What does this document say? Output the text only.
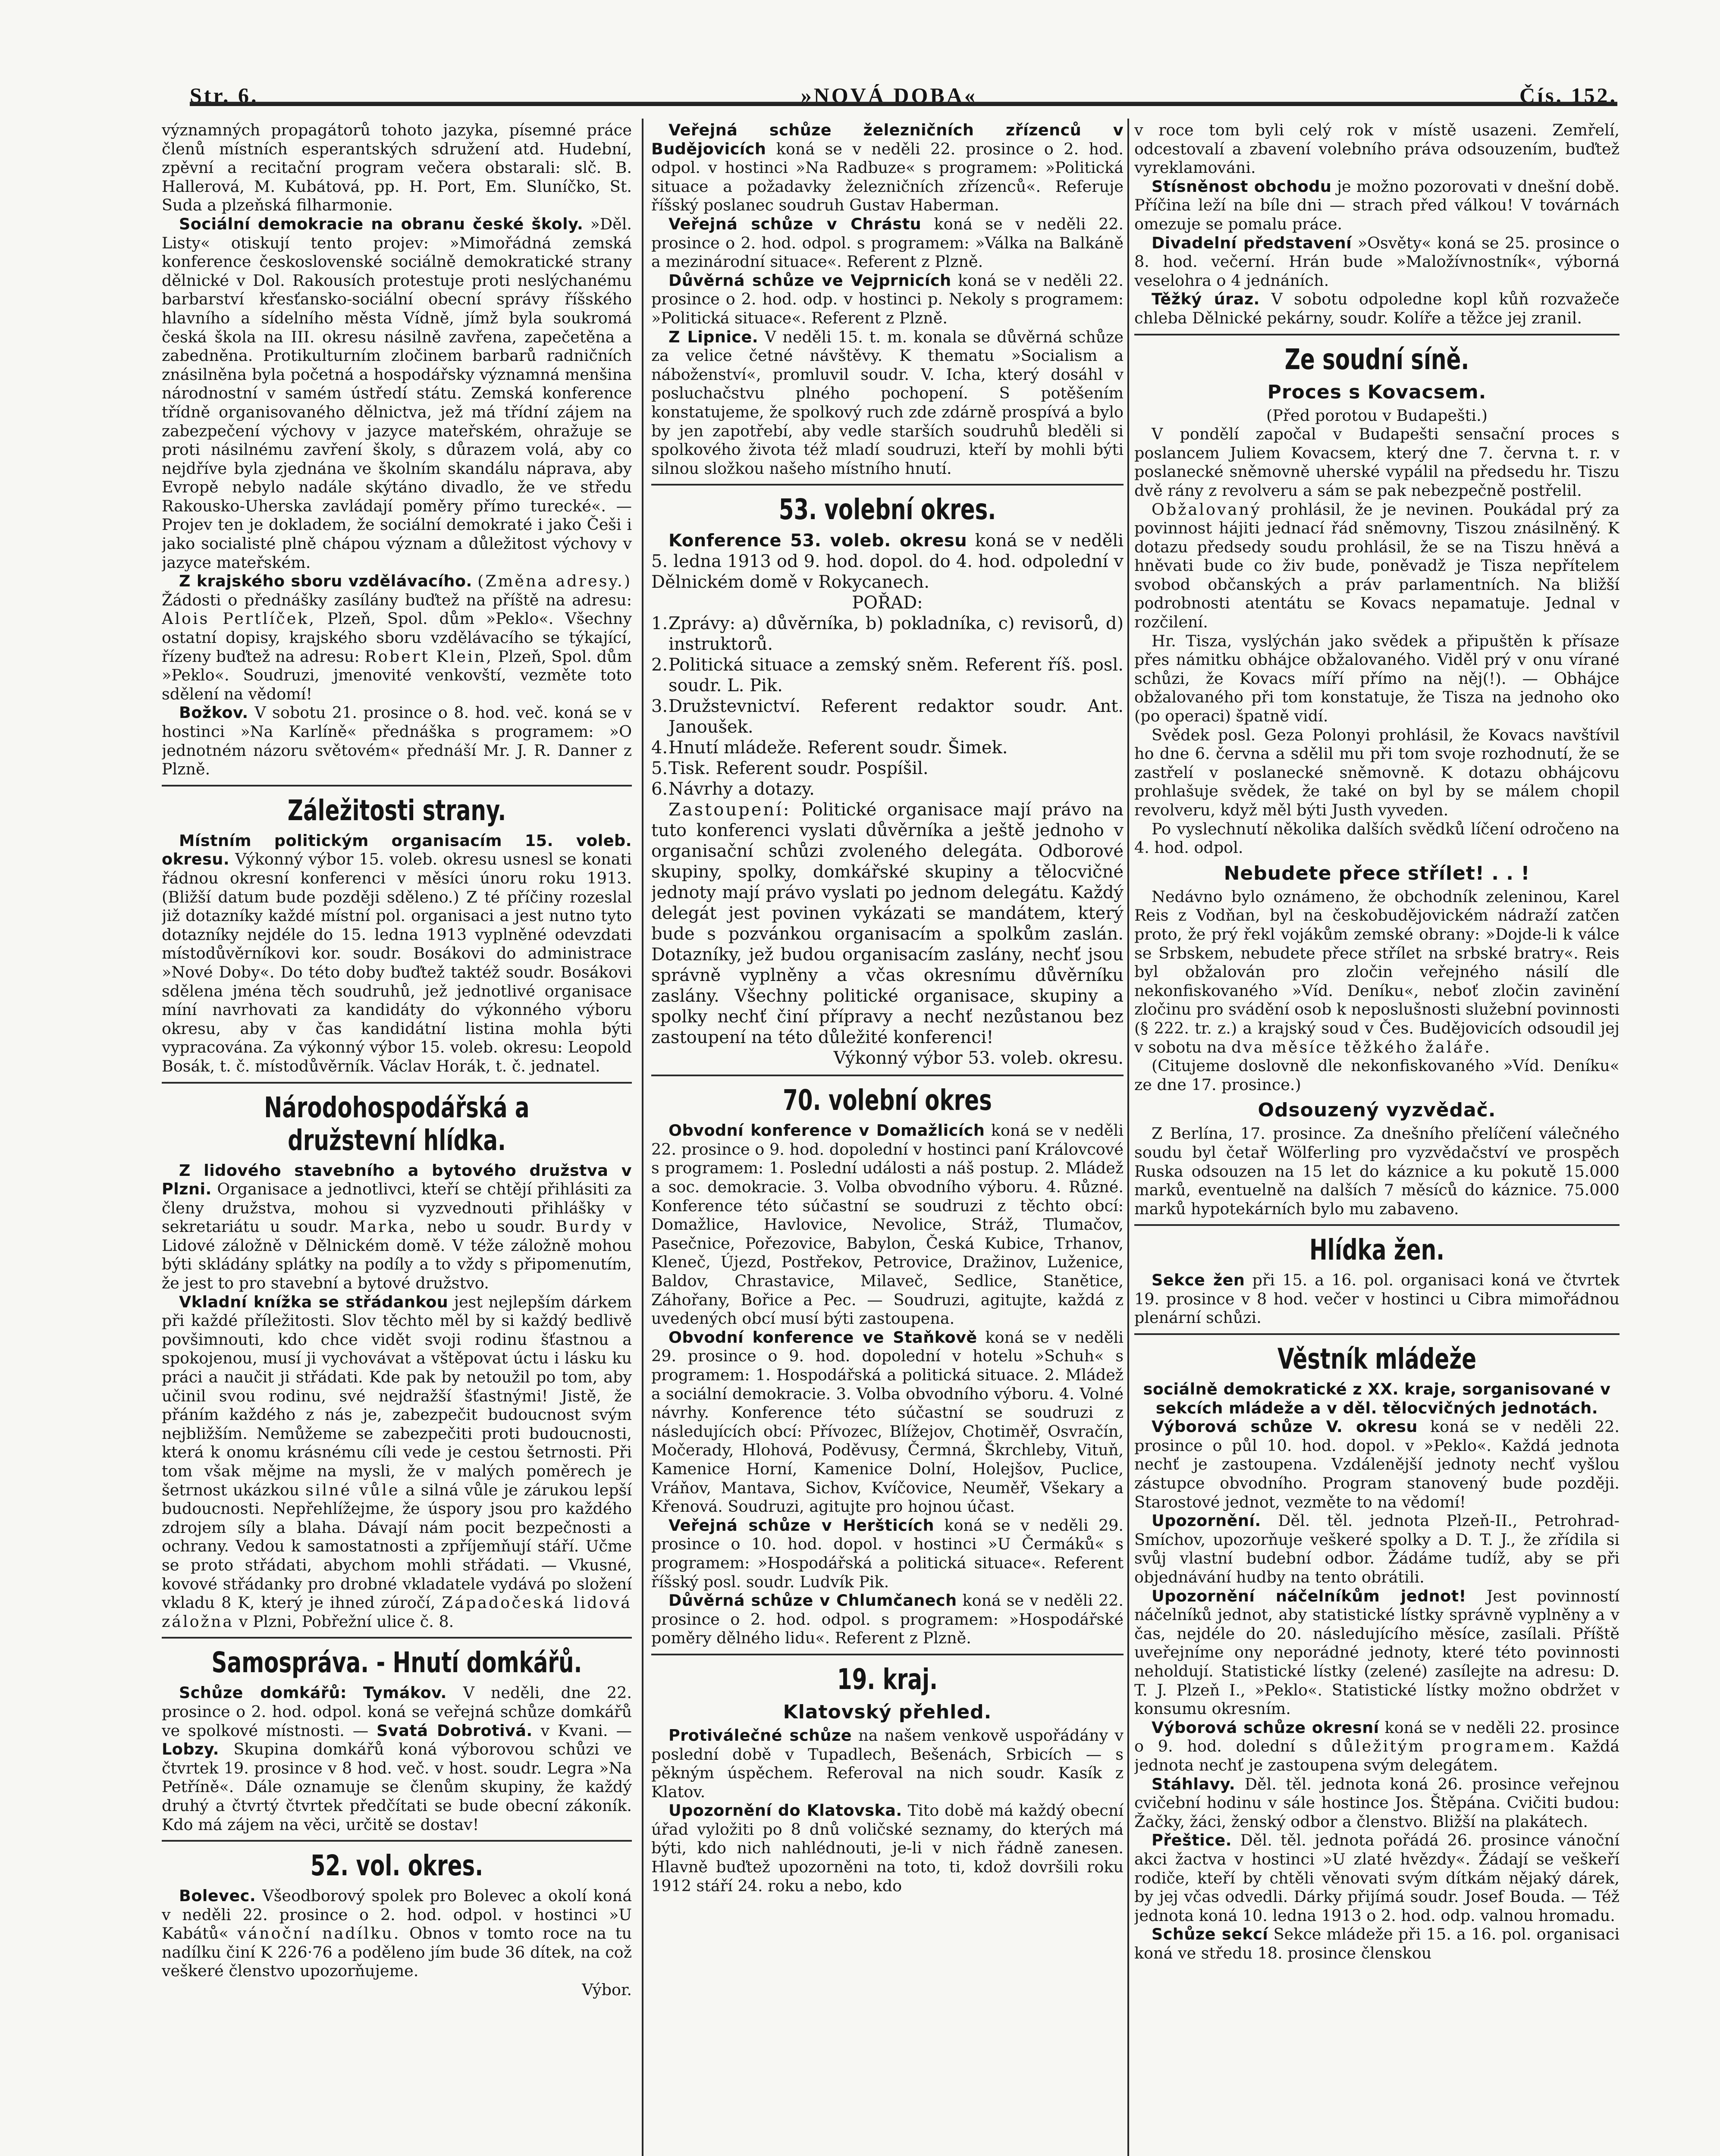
Str. 6.	»NOVÁ DOBA«	Čís. 152.

významných propagátorů tohoto jazyka, písemné práce členů místních esperantských sdružení atd. Hudební, zpěvní a recitační program večera obstarali: slč. B. Hallerová, M. Kubátová, pp. H. Port, Em. Sluníčko, St. Suda a plzeňská filharmonie.

Sociální demokracie na obranu české školy. »Děl. Listy« otiskují tento projev: »Mimořádná zemská konference československé sociálně demokratické strany dělnické v Dol. Rakousích protestuje proti neslýchanému barbarství křesťansko-sociální obecní správy říšského hlavního a sídelního města Vídně, jímž byla soukromá česká škola na III. okresu násilně zavřena, zapečetěna a zabedněna. Protikulturním zločinem barbarů radničních znásilněna byla početná a hospodářsky významná menšina národnostní v samém ústředí státu. Zemská konference třídně organisovaného dělnictva, jež má třídní zájem na zabezpečení výchovy v jazyce mateřském, ohražuje se proti násilnému zavření školy, s důrazem volá, aby co nejdříve byla zjednána ve školním skandálu náprava, aby Evropě nebylo nadále skýtáno divadlo, že ve středu Rakousko-Uherska zavládají poměry přímo turecké«. — Projev ten je dokladem, že sociální demokraté i jako Češi i jako socialisté plně chápou význam a důležitost výchovy v jazyce mateřském.

Z krajského sboru vzdělávacího. (Změna adresy.) Žádosti o přednášky zasílány buďtež na příště na adresu: Alois Pertlíček, Plzeň, Spol. dům »Peklo«. Všechny ostatní dopisy, krajského sboru vzdělávacího se týkající, řízeny buďtež na adresu: Robert Klein, Plzeň, Spol. dům »Peklo«. Soudruzi, jmenovité venkovští, vezměte toto sdělení na vědomí!

Božkov. V sobotu 21. prosince o 8. hod. več. koná se v hostinci »Na Karlíně« přednáška s programem: »O jednotném názoru světovém« přednáší Mr. J. R. Danner z Plzně.

Záležitosti strany.

Místním politickým organisacím 15. voleb. okresu. Výkonný výbor 15. voleb. okresu usnesl se konati řádnou okresní konferenci v měsíci únoru roku 1913. (Bližší datum bude později sděleno.) Z té příčiny rozeslal již dotazníky každé místní pol. organisaci a jest nutno tyto dotazníky nejdéle do 15. ledna 1913 vyplněné odevzdati místodůvěrníkovi kor. soudr. Bosákovi do administrace »Nové Doby«. Do této doby buďtež taktéž soudr. Bosákovi sdělena jména těch soudruhů, jež jednotlivé organisace míní navrhovati za kandidáty do výkonného výboru okresu, aby v čas kandidátní listina mohla býti vypracována. Za výkonný výbor 15. voleb. okresu: Leopold Bosák, t. č. místodůvěrník. Václav Horák, t. č. jednatel.

Národohospodářská a družstevní hlídka.

Z lidového stavebního a bytového družstva v Plzni. Organisace a jednotlivci, kteří se chtějí přihlásiti za členy družstva, mohou si vyzvednouti přihlášky v sekretariátu u soudr. Marka, nebo u soudr. Burdy v Lidové záložně v Dělnickém domě. V téže záložně mohou býti skládány splátky na podíly a to vždy s připomenutím, že jest to pro stavební a bytové družstvo.

Vkladní knížka se střádankou jest nejlepším dárkem při každé příležitosti. Slov těchto měl by si každý bedlivě povšimnouti, kdo chce vidět svoji rodinu šťastnou a spokojenou, musí ji vychovávat a vštěpovat úctu i lásku ku práci a naučit ji střádati. Kde pak by netoužil po tom, aby učinil svou rodinu, své nejdražší šťastnými! Jistě, že přáním každého z nás je, zabezpečit budoucnost svým nejbližším. Nemůžeme se zabezpečiti proti budoucnosti, která k onomu krásnému cíli vede je cestou šetrnosti. Při tom však mějme na mysli, že v malých poměrech je šetrnost ukázkou silné vůle a silná vůle je zárukou lepší budoucnosti. Nepřehlížejme, že úspory jsou pro každého zdrojem síly a blaha. Dávají nám pocit bezpečnosti a ochrany. Vedou k samostatnosti a zpříjemňují stáří. Učme se proto střádati, abychom mohli střádati. — Vkusné, kovové střádanky pro drobné vkladatele vydává po složení vkladu 8 K, který je ihned zúročí, Západočeská lidová záložna v Plzni, Pobřežní ulice č. 8.

Samospráva. - Hnutí domkářů.

Schůze domkářů: Tymákov. V neděli, dne 22. prosince o 2. hod. odpol. koná se veřejná schůze domkářů ve spolkové místnosti. — Svatá Dobrotivá. v Kvani. — Lobzy. Skupina domkářů koná výborovou schůzi ve čtvrtek 19. prosince v 8 hod. več. v host. soudr. Legra »Na Petříně«. Dále oznamuje se členům skupiny, že každý druhý a čtvrtý čtvrtek předčítati se bude obecní zákoník. Kdo má zájem na věci, určitě se dostav!

52. vol. okres.

Bolevec. Všeodborový spolek pro Bolevec a okolí koná v neděli 22. prosince o 2. hod. odpol. v hostinci »U Kabátů« vánoční nadílku. Obnos v tomto roce na tu nadílku činí K 226·76 a poděleno jím bude 36 dítek, na což veškeré členstvo upozorňujeme.

Výbor.

Veřejná schůze železničních zřízenců v Budějovicích koná se v neděli 22. prosince o 2. hod. odpol. v hostinci »Na Radbuze« s programem: »Politická situace a požadavky železničních zřízenců«. Referuje říšský poslanec soudruh Gustav Haberman.

Veřejná schůze v Chrástu koná se v neděli 22. prosince o 2. hod. odpol. s programem: »Válka na Balkáně a mezinárodní situace«. Referent z Plzně.

Důvěrná schůze ve Vejprnicích koná se v neděli 22. prosince o 2. hod. odp. v hostinci p. Nekoly s programem: »Politická situace«. Referent z Plzně.

Z Lipnice. V neděli 15. t. m. konala se důvěrná schůze za velice četné návštěvy. K thematu »Socialism a náboženství«, promluvil soudr. V. Icha, který dosáhl v posluchačstvu plného pochopení. S potěšením konstatujeme, že spolkový ruch zde zdárně prospívá a bylo by jen zapotřebí, aby vedle starších soudruhů bleděli si spolkového života též mladí soudruzi, kteří by mohli býti silnou složkou našeho místního hnutí.

53. volební okres.

Konference 53. voleb. okresu koná se v neděli 5. ledna 1913 od 9. hod. dopol. do 4. hod. odpolední v Dělnickém domě v Rokycanech.

POŘAD:

1.Zprávy: a) důvěrníka, b) pokladníka, c) revisorů, d) instruktorů.
2.Politická situace a zemský sněm. Referent říš. posl. soudr. L. Pik.
3.Družstevnictví. Referent redaktor soudr. Ant. Janoušek.
4.Hnutí mládeže. Referent soudr. Šimek.
5.Tisk. Referent soudr. Pospíšil.
6.Návrhy a dotazy.

Zastoupení: Politické organisace mají právo na tuto konferenci vyslati důvěrníka a ještě jednoho v organisační schůzi zvoleného delegáta. Odborové skupiny, spolky, domkářské skupiny a tělocvičné jednoty mají právo vyslati po jednom delegátu. Každý delegát jest povinen vykázati se mandátem, který bude s pozvánkou organisacím a spolkům zaslán. Dotazníky, jež budou organisacím zaslány, nechť jsou správně vyplněny a včas okresnímu důvěrníku zaslány. Všechny politické organisace, skupiny a spolky nechť činí přípravy a nechť nezůstanou bez zastoupení na této důležité konferenci!

Výkonný výbor 53. voleb. okresu.

70. volební okres

Obvodní konference v Domažlicích koná se v neděli 22. prosince o 9. hod. dopolední v hostinci paní Královcové s programem: 1. Poslední události a náš postup. 2. Mládež a soc. demokracie. 3. Volba obvodního výboru. 4. Různé. Konference této súčastní se soudruzi z těchto obcí: Domažlice, Havlovice, Nevolice, Stráž, Tlumačov, Pasečnice, Pořezovice, Babylon, Česká Kubice, Trhanov, Kleneč, Újezd, Postřekov, Petrovice, Dražinov, Luženice, Baldov, Chrastavice, Milaveč, Sedlice, Stanětice, Záhořany, Bořice a Pec. — Soudruzi, agitujte, každá z uvedených obcí musí býti zastoupena.

Obvodní konference ve Staňkově koná se v neděli 29. prosince o 9. hod. dopolední v hotelu »Schuh« s programem: 1. Hospodářská a politická situace. 2. Mládež a sociální demokracie. 3. Volba obvodního výboru. 4. Volné návrhy. Konference této súčastní se soudruzi z následujících obcí: Přívozec, Blížejov, Chotiměř, Osvračín, Močerady, Hlohová, Poděvusy, Čermná, Škrchleby, Vituň, Kamenice Horní, Kamenice Dolní, Holejšov, Puclice, Vráňov, Mantava, Sichov, Kvíčovice, Neuměř, Všekary a Křenová. Soudruzi, agitujte pro hojnou účast.

Veřejná schůze v Heršticích koná se v neděli 29. prosince o 10. hod. dopol. v hostinci »U Čermáků« s programem: »Hospodářská a politická situace«. Referent říšský posl. soudr. Ludvík Pik.

Důvěrná schůze v Chlumčanech koná se v neděli 22. prosince o 2. hod. odpol. s programem: »Hospodářské poměry dělného lidu«. Referent z Plzně.

19. kraj.
Klatovský přehled.

Protiválečné schůze na našem venkově uspořádány v poslední době v Tupadlech, Bešenách, Srbicích — s pěkným úspěchem. Referoval na nich soudr. Kasík z Klatov.

Upozornění do Klatovska. Tito době má každý obecní úřad vyložiti po 8 dnů voličské seznamy, do kterých má býti, kdo nich nahlédnouti, je-li v nich řádně zanesen. Hlavně buďtež upozorněni na toto, ti, kdož dovršili roku 1912 stáří 24. roku a nebo, kdo

v roce tom byli celý rok v místě usazeni. Zemřelí, odcestovalí a zbavení volebního práva odsouzením, buďtež vyreklamováni.

Stísněnost obchodu je možno pozorovati v dnešní době. Příčina leží na bíle dni — strach před válkou! V továrnách omezuje se pomalu práce.

Divadelní představení »Osvěty« koná se 25. prosince o 8. hod. večerní. Hrán bude »Maložívnostník«, výborná veselohra o 4 jednáních.

Těžký úraz. V sobotu odpoledne kopl kůň rozvažeče chleba Dělnické pekárny, soudr. Kolíře a těžce jej zranil.

Ze soudní síně.
Proces s Kovacsem.

(Před porotou v Budapešti.)

V pondělí započal v Budapešti sensační proces s poslancem Juliem Kovacsem, který dne 7. června t. r. v poslanecké sněmovně uherské vypálil na předsedu hr. Tiszu dvě rány z revolveru a sám se pak nebezpečně postřelil.

Obžalovaný prohlásil, že je nevinen. Poukádal prý za povinnost hájiti jednací řád sněmovny, Tiszou znásilněný. K dotazu předsedy soudu prohlásil, že se na Tiszu hněvá a hněvati bude co živ bude, poněvadž je Tisza nepřítelem svobod občanských a práv parlamentních. Na bližší podrobnosti atentátu se Kovacs nepamatuje. Jednal v rozčilení.

Hr. Tisza, vyslýchán jako svědek a připuštěn k přísaze přes námitku obhájce obžalovaného. Viděl prý v onu vírané schůzi, že Kovacs míří přímo na něj(!). — Obhájce obžalovaného při tom konstatuje, že Tisza na jednoho oko (po operaci) špatně vidí.

Svědek posl. Geza Polonyi prohlásil, že Kovacs navštívil ho dne 6. června a sdělil mu při tom svoje rozhodnutí, že se zastřelí v poslanecké sněmovně. K dotazu obhájcovu prohlašuje svědek, že také on byl by se málem chopil revolveru, když měl býti Justh vyveden.

Po vyslechnutí několika dalších svědků líčení odročeno na 4. hod. odpol.

Nebudete přece střílet! . . !

Nedávno bylo oznámeno, že obchodník zeleninou, Karel Reis z Vodňan, byl na českobudějovickém nádraží zatčen proto, že prý řekl vojákům zemské obrany: »Dojde-li k válce se Srbskem, nebudete přece střílet na srbské bratry«. Reis byl obžalován pro zločin veřejného násilí dle nekonfiskovaného »Víd. Deníku«, neboť zločin zavinění zločinu pro svádění osob k neposlušnosti služební povinnosti (§ 222. tr. z.) a krajský soud v Čes. Budějovicích odsoudil jej v sobotu na dva měsíce těžkého žaláře.

(Citujeme doslovně dle nekonfiskovaného »Víd. Deníku« ze dne 17. prosince.)

Odsouzený vyzvědač.

Z Berlína, 17. prosince. Za dnešního přelíčení válečného soudu byl četař Wölferling pro vyzvědačství ve prospěch Ruska odsouzen na 15 let do káznice a ku pokutě 15.000 marků, eventuelně na dalších 7 měsíců do káznice. 75.000 marků hypotekárních bylo mu zabaveno.

Hlídka žen.

Sekce žen při 15. a 16. pol. organisaci koná ve čtvrtek 19. prosince v 8 hod. večer v hostinci u Cibra mimořádnou plenární schůzi.

Věstník mládeže

sociálně demokratické z XX. kraje, sorganisované v sekcích mládeže a v děl. tělocvičných jednotách.

Výborová schůze V. okresu koná se v neděli 22. prosince o půl 10. hod. dopol. v »Peklo«. Každá jednota nechť je zastoupena. Vzdálenější jednoty nechť vyšlou zástupce obvodního. Program stanovený bude později. Starostové jednot, vezměte to na vědomí!

Upozornění. Děl. těl. jednota Plzeň-II., Petrohrad-Smíchov, upozorňuje veškeré spolky a D. T. J., že zřídila si svůj vlastní budební odbor. Žádáme tudíž, aby se při objednávání hudby na tento obrátili.

Upozornění náčelníkům jednot! Jest povinností náčelníků jednot, aby statistické lístky správně vyplněny a v čas, nejdéle do 20. následujícího měsíce, zasílali. Příště uveřejníme ony neporádné jednoty, které této povinnosti neholdují. Statistické lístky (zelené) zasílejte na adresu: D. T. J. Plzeň I., »Peklo«. Statistické lístky možno obdržet v konsumu okresním.

Výborová schůze okresní koná se v neděli 22. prosince o 9. hod. dolední s důležitým programem. Každá jednota nechť je zastoupena svým delegátem.

Stáhlavy. Děl. těl. jednota koná 26. prosince veřejnou cvičební hodinu v sále hostince Jos. Štěpána. Cvičiti budou: Žačky, žáci, ženský odbor a členstvo. Bližší na plakátech.

Přeštice. Děl. těl. jednota pořádá 26. prosince vánoční akci žactva v hostinci »U zlaté hvězdy«. Žádají se veškeří rodiče, kteří by chtěli věnovati svým dítkám nějaký dárek, by jej včas odvedli. Dárky přijímá soudr. Josef Bouda. — Též jednota koná 10. ledna 1913 o 2. hod. odp. valnou hromadu.

Schůze sekcí Sekce mládeže při 15. a 16. pol. organisaci koná ve středu 18. prosince členskou
